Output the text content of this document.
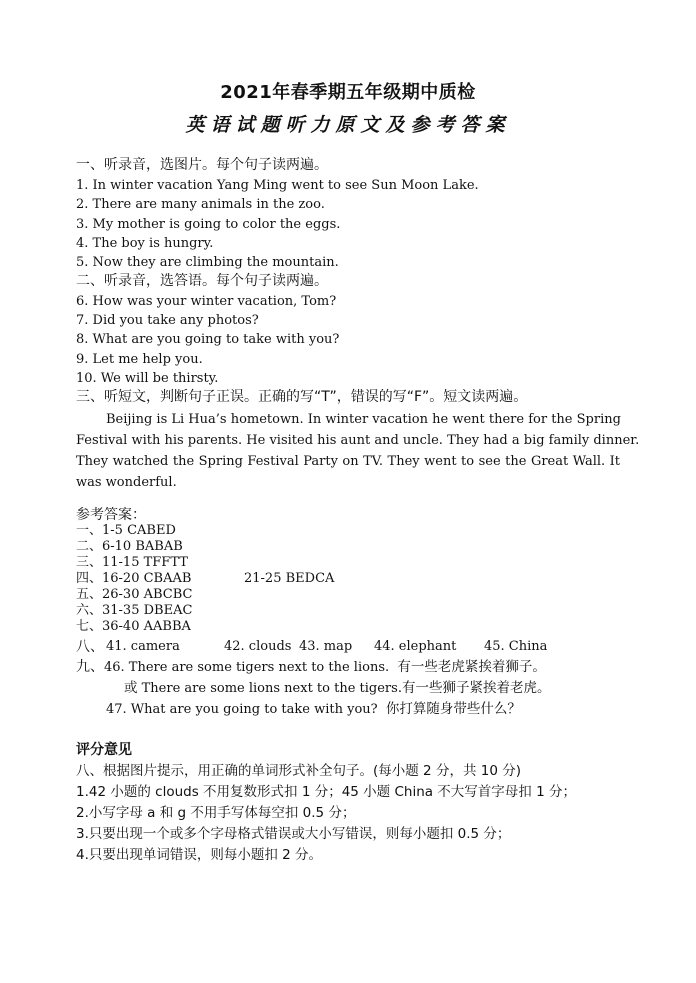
2021年春季期五年级期中质检
英语试题听力原文及参考答案
一、听录音，选图片。每个句子读两遍。
1. In winter vacation Yang Ming went to see Sun Moon Lake.
2. There are many animals in the zoo.
3. My mother is going to color the eggs.
4. The boy is hungry.
5. Now they are climbing the mountain.
二、听录音，选答语。每个句子读两遍。
6. How was your winter vacation, Tom?
7. Did you take any photos?
8. What are you going to take with you?
9. Let me help you.
10. We will be thirsty.
三、听短文，判断句子正误。正确的写“T”，错误的写“F”。短文读两遍。
Beijing is Li Hua’s hometown. In winter vacation he went there for the Spring
Festival with his parents. He visited his aunt and uncle. They had a big family dinner.
They watched the Spring Festival Party on TV. They went to see the Great Wall. It
was wonderful.
参考答案：
一、1-5 CABED
二、6-10 BABAB
三、11-15 TFFTT
四、16-20 CBAAB	21-25 BEDCA
五、26-30 ABCBC
六、31-35 DBEAC
七、36-40 AABBA
八、 41. camera	42. clouds 43. map 44. elephant 45. China
九、46. There are some tigers next to the lions. 有一些老虎紧挨着狮子。
或 There are some lions next to the tigers.有一些狮子紧挨着老虎。
47. What are you going to take with you? 你打算随身带些什么？
评分意见
八、根据图片提示，用正确的单词形式补全句子。(每小题 2 分，共 10 分)
1.42 小题的 clouds 不用复数形式扣 1 分；45 小题 China 不大写首字母扣 1 分；
2.小写字母 a 和 g 不用手写体每空扣 0.5 分；
3.只要出现一个或多个字母格式错误或大小写错误，则每小题扣 0.5 分；
4.只要出现单词错误，则每小题扣 2 分。
